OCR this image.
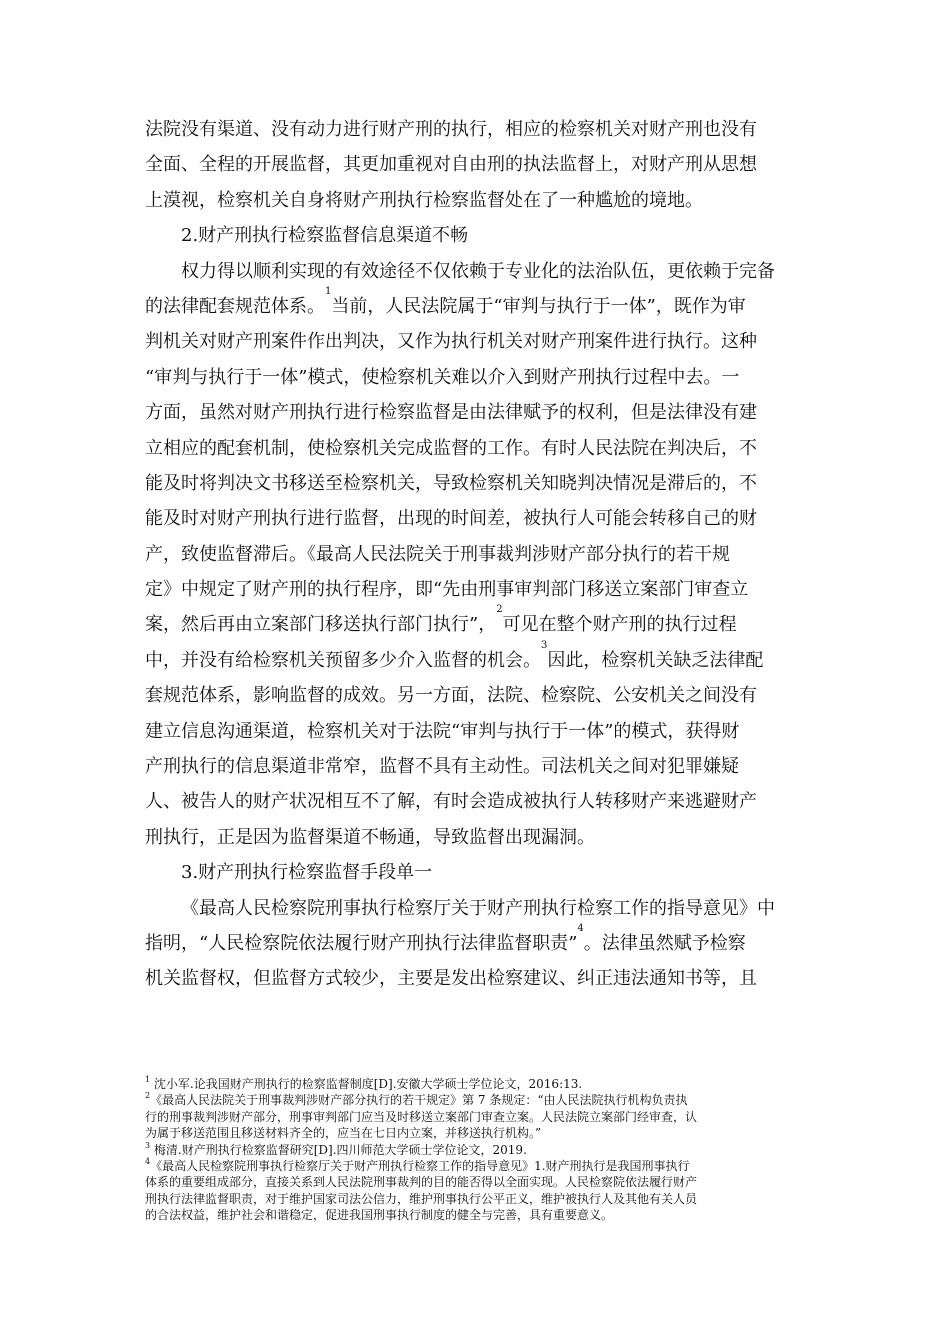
法院没有渠道、没有动力进行财产刑的执行，相应的检察机关对财产刑也没有
全面、全程的开展监督，其更加重视对自由刑的执法监督上，对财产刑从思想
上漠视，检察机关自身将财产刑执行检察监督处在了一种尴尬的境地。
2.财产刑执行检察监督信息渠道不畅
权力得以顺利实现的有效途径不仅依赖于专业化的法治队伍，更依赖于完备
的法律配套规范体系。$^1$当前，人民法院属于“审判与执行于一体”，既作为审
判机关对财产刑案件作出判决，又作为执行机关对财产刑案件进行执行。这种
“审判与执行于一体”模式，使检察机关难以介入到财产刑执行过程中去。一
方面，虽然对财产刑执行进行检察监督是由法律赋予的权利，但是法律没有建
立相应的配套机制，使检察机关完成监督的工作。有时人民法院在判决后，不
能及时将判决文书移送至检察机关，导致检察机关知晓判决情况是滞后的，不
能及时对财产刑执行进行监督，出现的时间差，被执行人可能会转移自己的财
产，致使监督滞后。《最高人民法院关于刑事裁判涉财产部分执行的若干规
定》中规定了财产刑的执行程序，即“先由刑事审判部门移送立案部门审查立
案，然后再由立案部门移送执行部门执行”，$^2$可见在整个财产刑的执行过程
中，并没有给检察机关预留多少介入监督的机会。$^3$因此，检察机关缺乏法律配
套规范体系，影响监督的成效。另一方面，法院、检察院、公安机关之间没有
建立信息沟通渠道，检察机关对于法院“审判与执行于一体”的模式，获得财
产刑执行的信息渠道非常窄，监督不具有主动性。司法机关之间对犯罪嫌疑
人、被告人的财产状况相互不了解，有时会造成被执行人转移财产来逃避财产
刑执行，正是因为监督渠道不畅通，导致监督出现漏洞。
3.财产刑执行检察监督手段单一
《最高人民检察院刑事执行检察厅关于财产刑执行检察工作的指导意见》中
指明，“人民检察院依法履行财产刑执行法律监督职责”$^4$。法律虽然赋予检察
机关监督权，但监督方式较少，主要是发出检察建议、纠正违法通知书等，且
$^1$ 沈小军.论我国财产刑执行的检察监督制度[D].安徽大学硕士学位论文，2016:13.
$^2$《最高人民法院关于刑事裁判涉财产部分执行的若干规定》第 7 条规定：“由人民法院执行机构负责执
行的刑事裁判涉财产部分，刑事审判部门应当及时移送立案部门审查立案。人民法院立案部门经审查，认
为属于移送范围且移送材料齐全的，应当在七日内立案，并移送执行机构。”
$^3$ 梅清.财产刑执行检察监督研究[D].四川师范大学硕士学位论文，2019.
$^4$《最高人民检察院刑事执行检察厅关于财产刑执行检察工作的指导意见》1.财产刑执行是我国刑事执行
体系的重要组成部分，直接关系到人民法院刑事裁判的目的能否得以全面实现。人民检察院依法履行财产
刑执行法律监督职责，对于维护国家司法公信力，维护刑事执行公平正义，维护被执行人及其他有关人员
的合法权益，维护社会和谐稳定，促进我国刑事执行制度的健全与完善，具有重要意义。
